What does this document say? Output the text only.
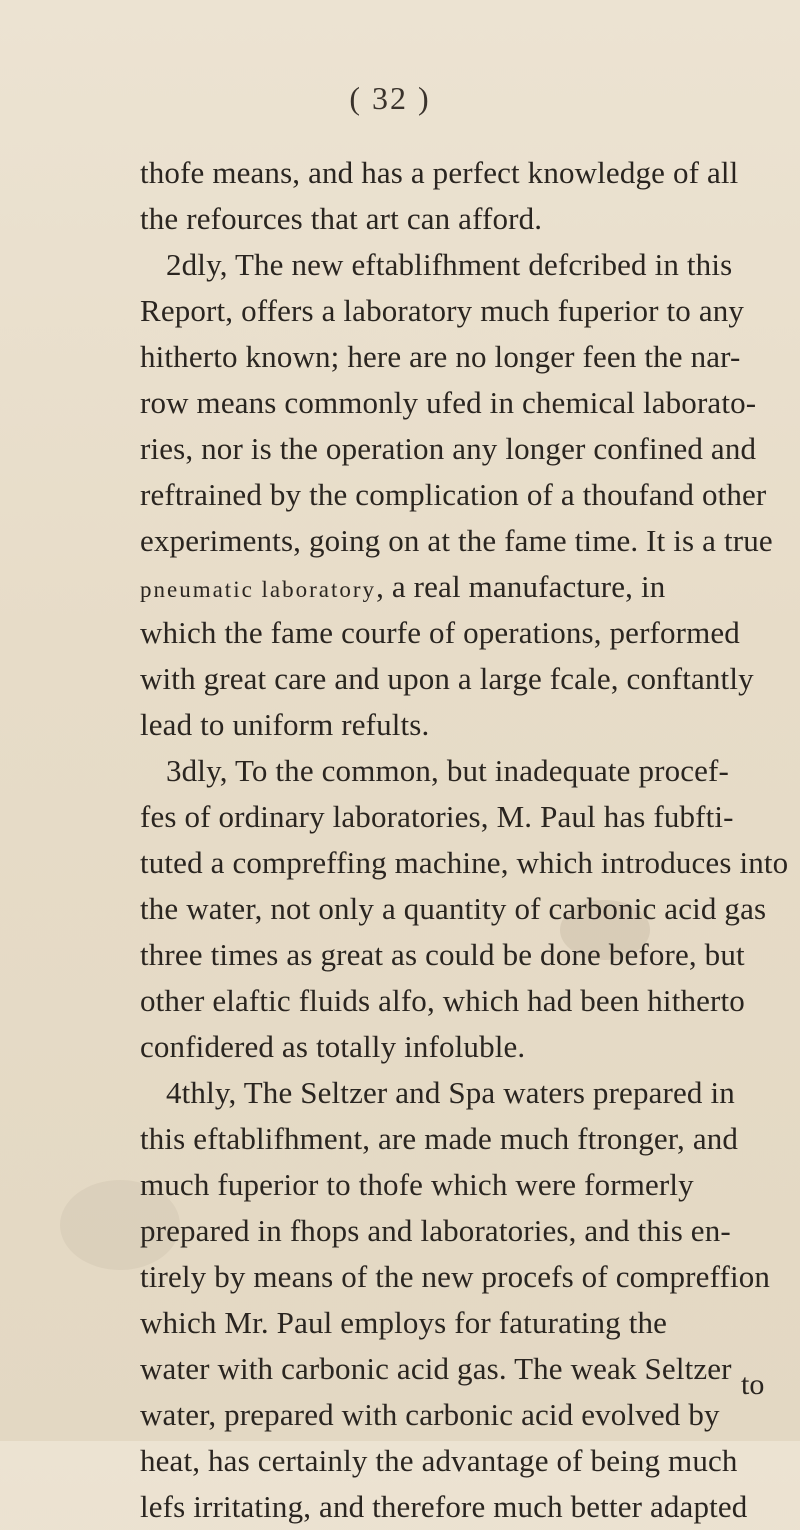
( 32 )
thofe means, and has a perfect knowledge of all
the refources that art can afford.
2dly, The new eftablifhment defcribed in this
Report, offers a laboratory much fuperior to any
hitherto known; here are no longer feen the nar-
row means commonly ufed in chemical laborato-
ries, nor is the operation any longer confined and
reftrained by the complication of a thoufand other
experiments, going on at the fame time. It is a true
pneumatic laboratory, a real manufacture, in
which the fame courfe of operations, performed
with great care and upon a large fcale, conftantly
lead to uniform refults.
3dly, To the common, but inadequate procef-
fes of ordinary laboratories, M. Paul has fubfti-
tuted a compreffing machine, which introduces into
the water, not only a quantity of carbonic acid gas
three times as great as could be done before, but
other elaftic fluids alfo, which had been hitherto
confidered as totally infoluble.
4thly, The Seltzer and Spa waters prepared in
this eftablifhment, are made much ftronger, and
much fuperior to thofe which were formerly
prepared in fhops and laboratories, and this en-
tirely by means of the new procefs of compreffion
which Mr. Paul employs for faturating the
water with carbonic acid gas. The weak Seltzer
water, prepared with carbonic acid evolved by
heat, has certainly the advantage of being much
lefs irritating, and therefore much better adapted
to
